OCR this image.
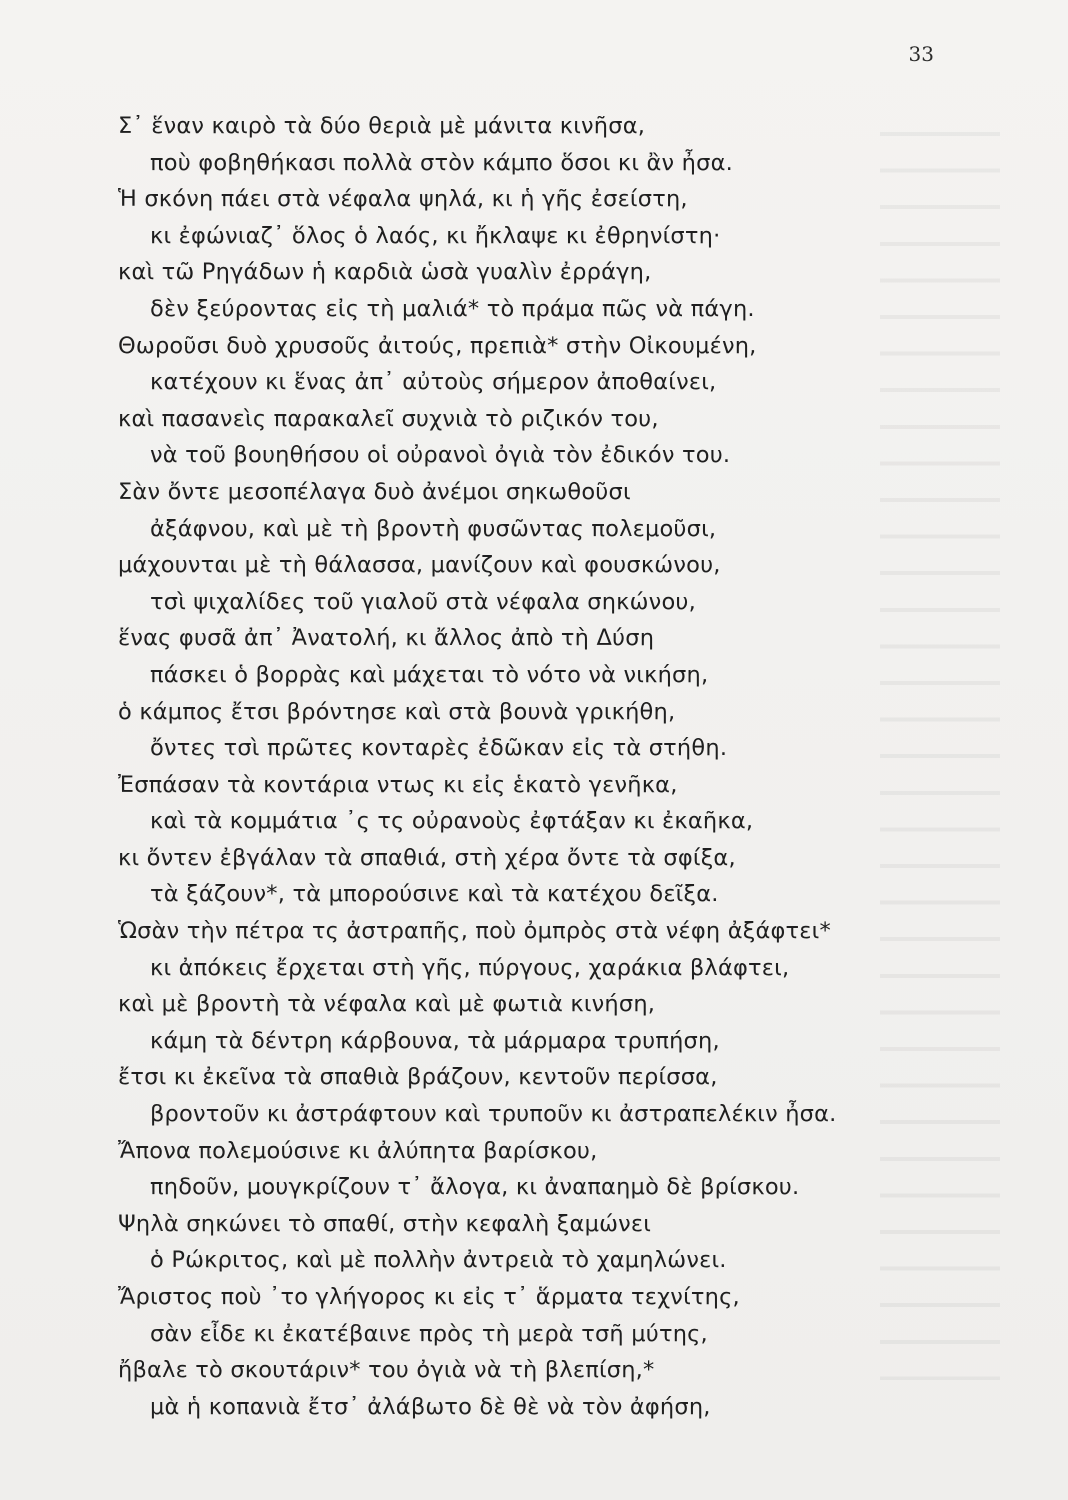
33
Σ᾽ ἕναν καιρὸ τὰ δύο θεριὰ μὲ μάνιτα κινῆσα,
ποὺ φοβηθήκασι πολλὰ στὸν κάμπο ὅσοι κι ἂν ἦσα.
Ἡ σκόνη πάει στὰ νέφαλα ψηλά, κι ἡ γῆς ἐσείστη,
κι ἐφώνιαζ᾽ ὅλος ὁ λαός, κι ἤκλαψε κι ἐθρηνίστη·
καὶ τῶ Ρηγάδων ἡ καρδιὰ ὡσὰ γυαλὶν ἐρράγη,
δὲν ξεύροντας εἰς τὴ μαλιά* τὸ πράμα πῶς νὰ πάγη.
Θωροῦσι δυὸ χρυσοῦς ἀιτούς, πρεπιὰ* στὴν Οἰκουμένη,
κατέχουν κι ἕνας ἀπ᾽ αὐτοὺς σήμερον ἀποθαίνει,
καὶ πασανεὶς παρακαλεῖ συχνιὰ τὸ ριζικόν του,
νὰ τοῦ βουηθήσου οἱ οὐρανοὶ ὀγιὰ τὸν ἐδικόν του.
Σὰν ὄντε μεσοπέλαγα δυὸ ἀνέμοι σηκωθοῦσι
ἀξάφνου, καὶ μὲ τὴ βροντὴ φυσῶντας πολεμοῦσι,
μάχουνται μὲ τὴ θάλασσα, μανίζουν καὶ φουσκώνου,
τσὶ ψιχαλίδες τοῦ γιαλοῦ στὰ νέφαλα σηκώνου,
ἕνας φυσᾶ ἀπ᾽ Ἀνατολή, κι ἄλλος ἀπὸ τὴ Δύση
πάσκει ὁ βορρὰς καὶ μάχεται τὸ νότο νὰ νικήση,
ὁ κάμπος ἔτσι βρόντησε καὶ στὰ βουνὰ γρικήθη,
ὄντες τσὶ πρῶτες κονταρὲς ἐδῶκαν εἰς τὰ στήθη.
Ἐσπάσαν τὰ κοντάρια ντως κι εἰς ἑκατὸ γενῆκα,
καὶ τὰ κομμάτια ᾽ς τς οὐρανοὺς ἐφτάξαν κι ἐκαῆκα,
κι ὄντεν ἐβγάλαν τὰ σπαθιά, στὴ χέρα ὄντε τὰ σφίξα,
τὰ ξάζουν*, τὰ μπορούσινε καὶ τὰ κατέχου δεῖξα.
Ὡσὰν τὴν πέτρα τς ἀστραπῆς, ποὺ ὀμπρὸς στὰ νέφη ἀξάφτει*
κι ἀπόκεις ἔρχεται στὴ γῆς, πύργους, χαράκια βλάφτει,
καὶ μὲ βροντὴ τὰ νέφαλα καὶ μὲ φωτιὰ κινήση,
κάμη τὰ δέντρη κάρβουνα, τὰ μάρμαρα τρυπήση,
ἔτσι κι ἐκεῖνα τὰ σπαθιὰ βράζουν, κεντοῦν περίσσα,
βροντοῦν κι ἀστράφτουν καὶ τρυποῦν κι ἀστραπελέκιν ἦσα.
Ἄπονα πολεμούσινε κι ἀλύπητα βαρίσκου,
πηδοῦν, μουγκρίζουν τ᾽ ἄλογα, κι ἀναπαημὸ δὲ βρίσκου.
Ψηλὰ σηκώνει τὸ σπαθί, στὴν κεφαλὴ ξαμώνει
ὁ Ρώκριτος, καὶ μὲ πολλὴν ἀντρειὰ τὸ χαμηλώνει.
Ἄριστος ποὺ ᾽το γλήγορος κι εἰς τ᾽ ἅρματα τεχνίτης,
σὰν εἶδε κι ἐκατέβαινε πρὸς τὴ μερὰ τσῆ μύτης,
ἤβαλε τὸ σκουτάριν* του ὀγιὰ νὰ τὴ βλεπίση,*
μὰ ἡ κοπανιὰ ἔτσ᾽ ἀλάβωτο δὲ θὲ νὰ τὸν ἀφήση,
